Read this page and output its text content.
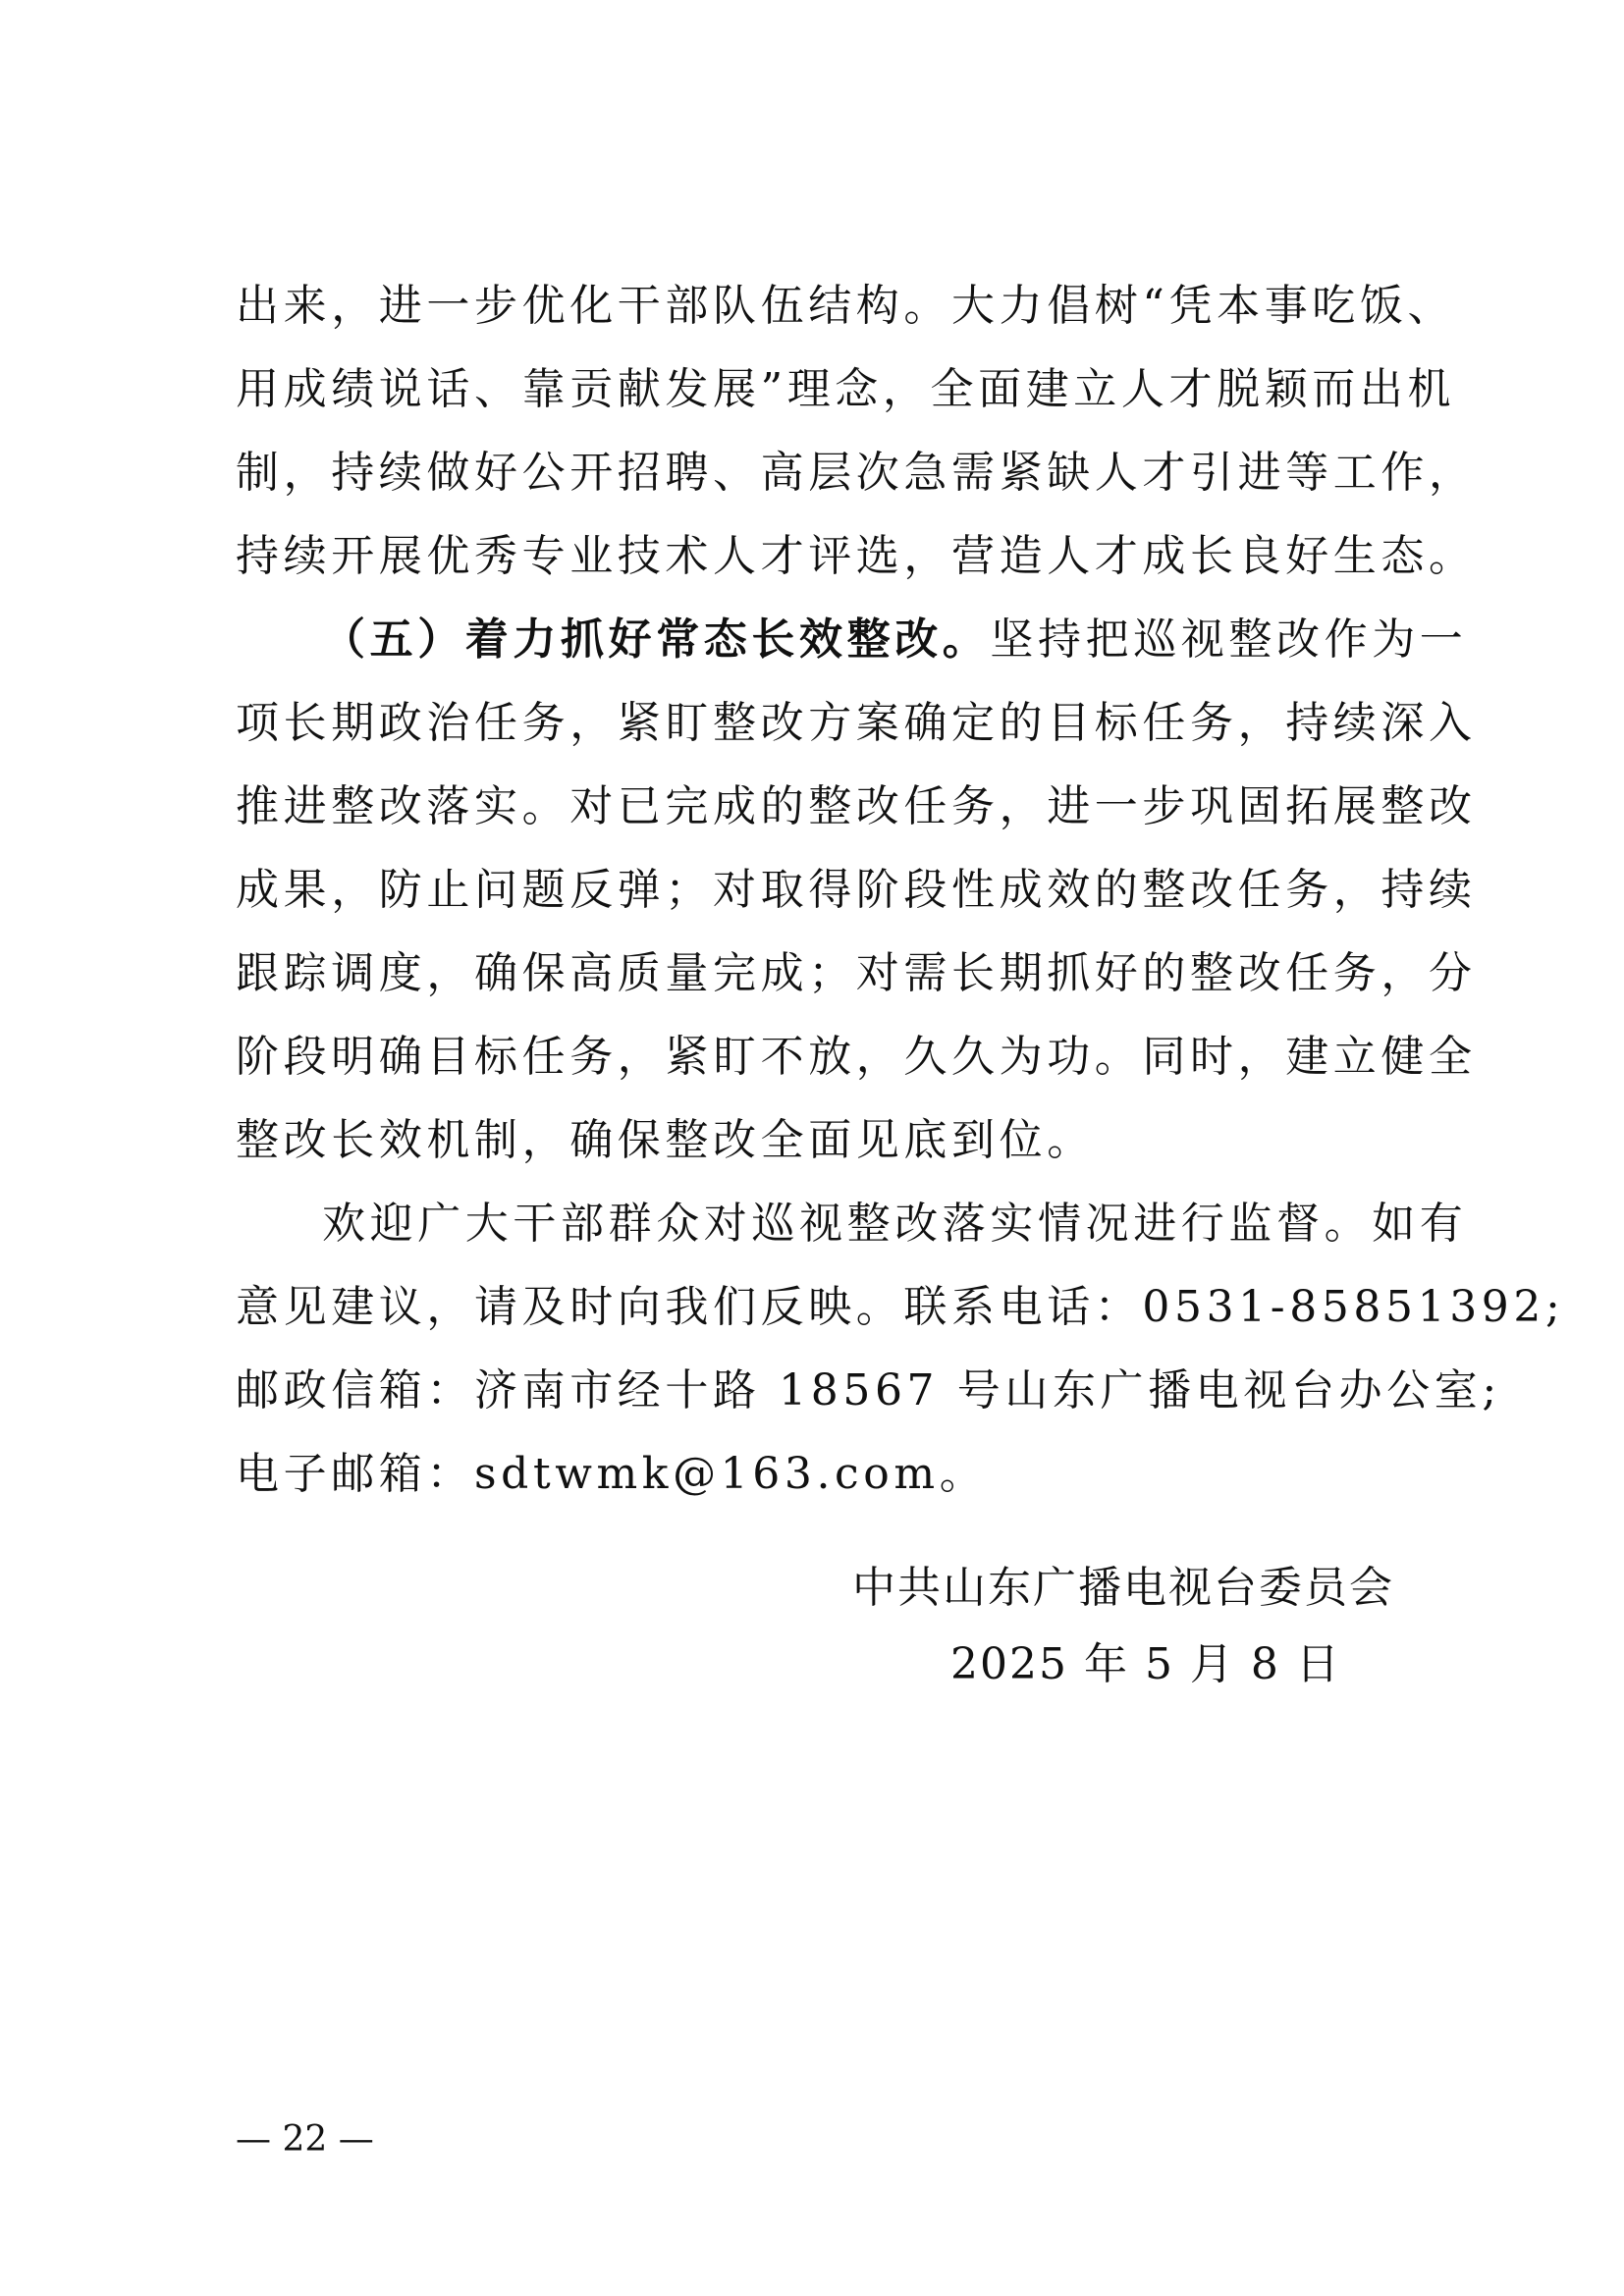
出来，进一步优化干部队伍结构。大力倡树“凭本事吃饭、
用成绩说话、靠贡献发展”理念，全面建立人才脱颖而出机
制，持续做好公开招聘、高层次急需紧缺人才引进等工作，
持续开展优秀专业技术人才评选，营造人才成长良好生态。
（五）着力抓好常态长效整改。坚持把巡视整改作为一
项长期政治任务，紧盯整改方案确定的目标任务，持续深入
推进整改落实。对已完成的整改任务，进一步巩固拓展整改
成果，防止问题反弹；对取得阶段性成效的整改任务，持续
跟踪调度，确保高质量完成；对需长期抓好的整改任务，分
阶段明确目标任务，紧盯不放，久久为功。同时，建立健全
整改长效机制，确保整改全面见底到位。
欢迎广大干部群众对巡视整改落实情况进行监督。如有
意见建议，请及时向我们反映。联系电话：0531-85851392;
邮政信箱：济南市经十路 18567 号山东广播电视台办公室;
电子邮箱：sdtwmk@163.com。
中共山东广播电视台委员会
2025 年 5 月 8 日
— 22 —
